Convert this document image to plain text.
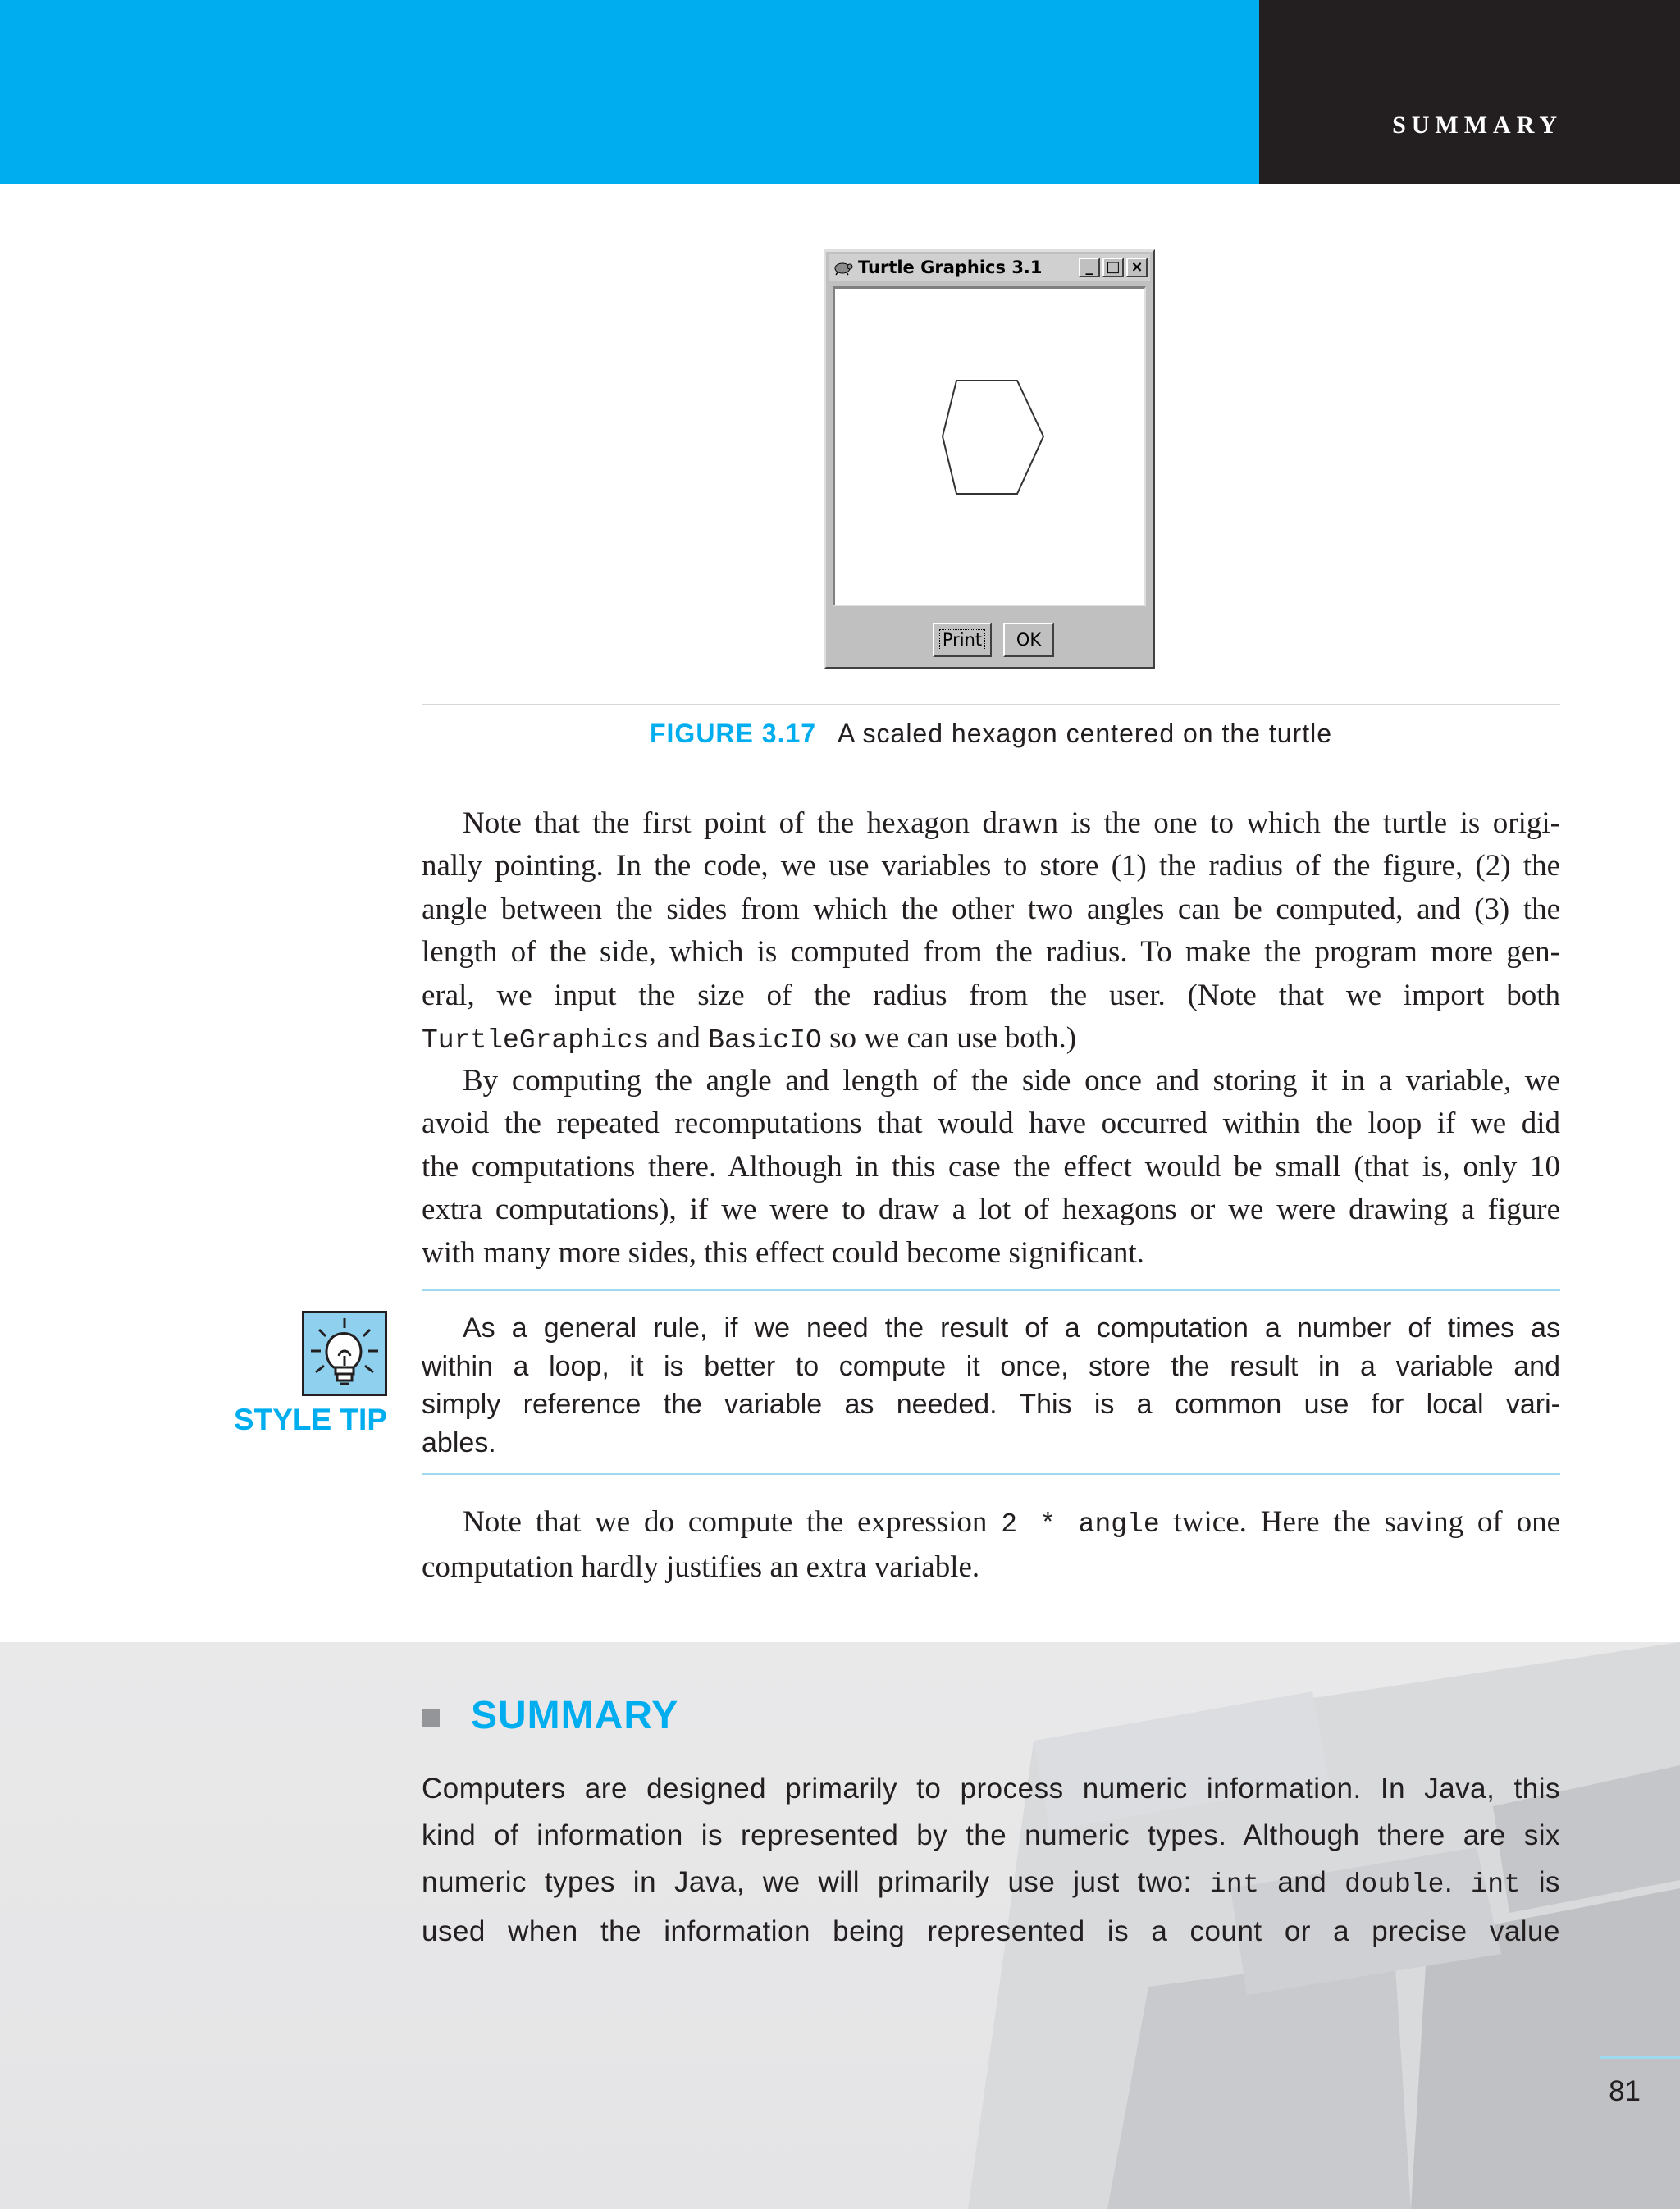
SUMMARY
Turtle Graphics 3.1	_ □ ×
Print	OK
FIGURE 3.17 A scaled hexagon centered on the turtle
Note that the first point of the hexagon drawn is the one to which the turtle is origi-
nally pointing. In the code, we use variables to store (1) the radius of the figure, (2) the
angle between the sides from which the other two angles can be computed, and (3) the
length of the side, which is computed from the radius. To make the program more gen-
eral, we input the size of the radius from the user. (Note that we import both
TurtleGraphics and BasicIO so we can use both.)
By computing the angle and length of the side once and storing it in a variable, we
avoid the repeated recomputations that would have occurred within the loop if we did
the computations there. Although in this case the effect would be small (that is, only 10
extra computations), if we were to draw a lot of hexagons or we were drawing a figure
with many more sides, this effect could become significant.
STYLE TIP
As a general rule, if we need the result of a computation a number of times as
within a loop, it is better to compute it once, store the result in a variable and
simply reference the variable as needed. This is a common use for local vari-
ables.
Note that we do compute the expression 2 * angle twice. Here the saving of one
computation hardly justifies an extra variable.
SUMMARY
Computers are designed primarily to process numeric information. In Java, this
kind of information is represented by the numeric types. Although there are six
numeric types in Java, we will primarily use just two: int and double. int is
used when the information being represented is a count or a precise value
81
